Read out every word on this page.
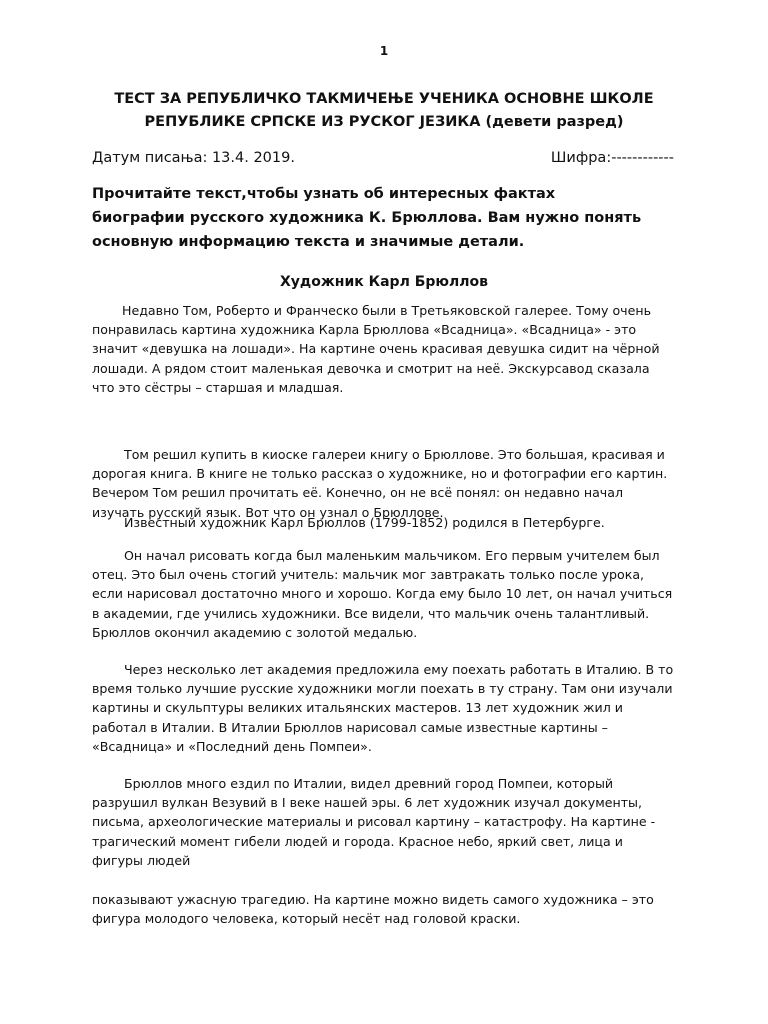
1
ТЕСТ ЗА РЕПУБЛИЧКО ТАКМИЧЕЊЕ УЧЕНИКА ОСНОВНЕ ШКОЛЕ
РЕПУБЛИКЕ СРПСКЕ ИЗ РУСКОГ ЈЕЗИКА (девети разред)
Датум писања: 13.4. 2019.	Шифра:------------
Прочитайте текст,чтобы узнать об интересных фактах биографии русского художника К. Брюллова. Вам нужно понять основную информацию текста и значимые детали.
Художник Карл Брюллов

Недавно Том, Роберто и Франческо были в Третьяковской галерее. Тому очень понравилась картина художника Карла Брюллова «Всадница». «Всадница» - это значит «девушка на лошади». На картине очень красивая девушка сидит на чёрной лошади. А рядом стоит маленькая девочка и смотрит на неё. Экскурсавод сказала что это сёстры – старшая и младшая.

Том решил купить в киоске галереи книгу о Брюллове. Это большая, красивая и дорогая книга. В книге не только рассказ о художнике, но и фотографии его картин. Вечером Том решил прочитать её. Конечно, он не всё понял: он недавно начал изучать русский язык. Вот что он узнал о Брюллове.

Известный художник Карл Брюллов (1799-1852) родился в Петербурге.

Он начал рисовать когда был маленьким мальчиком. Его первым учителем был отец. Это был очень стогий учитель: мальчик мог завтракать только после урока, если нарисовал достаточно много и хорошо. Когда ему было 10 лет, он начал учиться в академии, где учились художники. Все видели, что мальчик очень талантливый. Брюллов окончил академию с золотой медалью.

Через несколько лет академия предложила ему поехать работать в Италию. В то время только лучшие русские художники могли поехать в ту страну. Там они изучали картины и скульптуры великих итальянских мастеров. 13 лет художник жил и работал в Италии. В Италии Брюллов нарисовал самые известные картины – «Всадница» и «Последний день Помпеи».

Брюллов много ездил по Италии, видел древний город Помпеи, который разрушил вулкан Везувий в I веке нашей эры. 6 лет художник изучал документы, письма, археологические материалы и рисовал картину – катастрофу. На картине - трагический момент гибели людей и города. Красное небо, яркий свет, лица и фигуры людей

показывают ужасную трагедию. На картине можно видеть самого художника – это фигура молодого человека, который несёт над головой краски.
